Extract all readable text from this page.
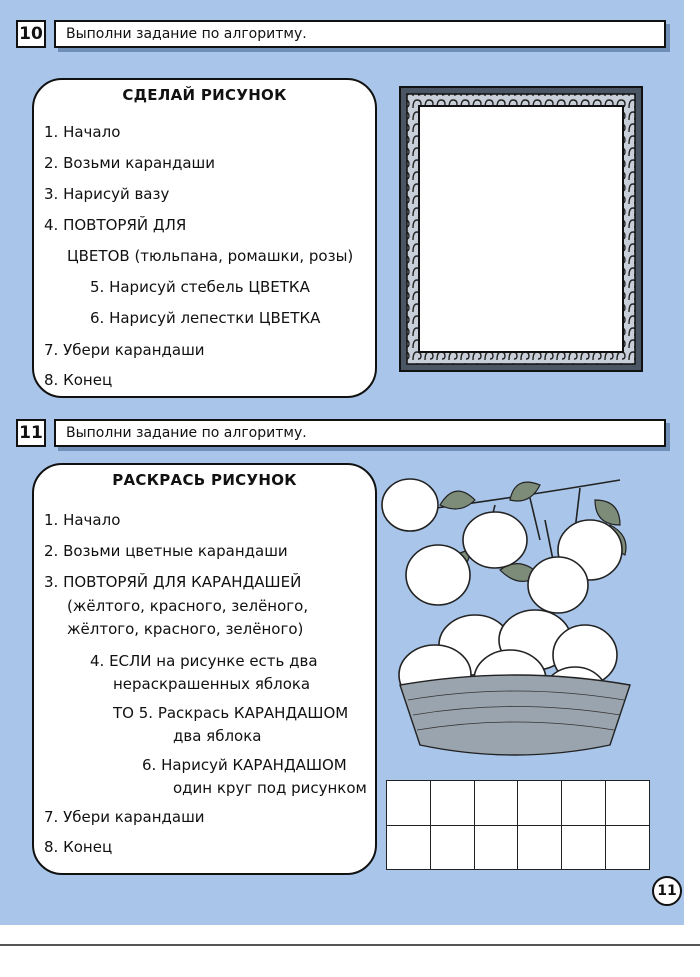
10	Выполни задание по алгоритму.
СДЕЛАЙ РИСУНОК
1. Начало
2. Возьми карандаши
3. Нарисуй вазу
4. ПОВТОРЯЙ ДЛЯ
ЦВЕТОВ (тюльпана, ромашки, розы)
5. Нарисуй стебель ЦВЕТКА
6. Нарисуй лепестки ЦВЕТКА
7. Убери карандаши
8. Конец
11	Выполни задание по алгоритму.
РАСКРАСЬ РИСУНОК
1. Начало
2. Возьми цветные карандаши
3. ПОВТОРЯЙ ДЛЯ КАРАНДАШЕЙ
(жёлтого, красного, зелёного,
жёлтого, красного, зелёного)
4. ЕСЛИ на рисунке есть два
нераскрашенных яблока
ТО 5. Раскрась КАРАНДАШОМ
два яблока
6. Нарисуй КАРАНДАШОМ
один круг под рисунком
7. Убери карандаши
8. Конец

11
